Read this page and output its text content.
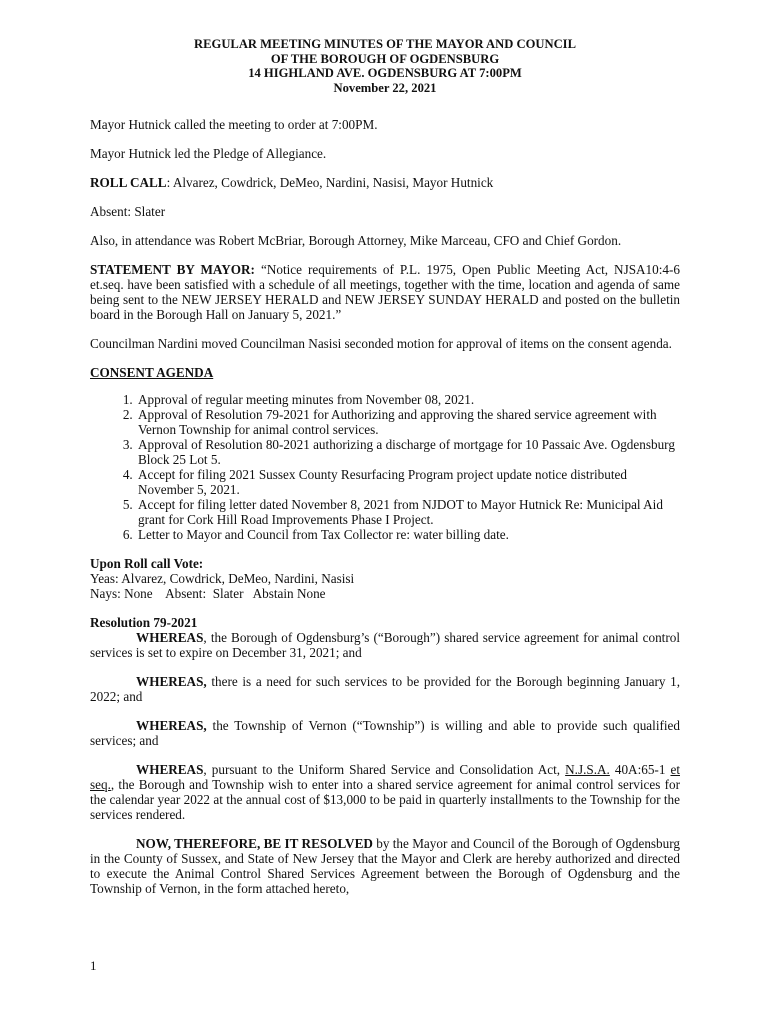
REGULAR MEETING MINUTES OF THE MAYOR AND COUNCIL
OF THE BOROUGH OF OGDENSBURG
14 HIGHLAND AVE. OGDENSBURG AT 7:00PM
November 22, 2021

Mayor Hutnick called the meeting to order at 7:00PM.

Mayor Hutnick led the Pledge of Allegiance.

ROLL CALL: Alvarez, Cowdrick, DeMeo, Nardini, Nasisi, Mayor Hutnick

Absent: Slater

Also, in attendance was Robert McBriar, Borough Attorney, Mike Marceau, CFO and Chief Gordon.

STATEMENT BY MAYOR: “Notice requirements of P.L. 1975, Open Public Meeting Act, NJSA10:4-6 et.seq. have been satisfied with a schedule of all meetings, together with the time, location and agenda of same being sent to the NEW JERSEY HERALD and NEW JERSEY SUNDAY HERALD and posted on the bulletin board in the Borough Hall on January 5, 2021.”

Councilman Nardini moved Councilman Nasisi seconded motion for approval of items on the consent agenda.

CONSENT AGENDA

1. Approval of regular meeting minutes from November 08, 2021.
2. Approval of Resolution 79-2021 for Authorizing and approving the shared service agreement with Vernon Township for animal control services.
3. Approval of Resolution 80-2021 authorizing a discharge of mortgage for 10 Passaic Ave. Ogdensburg Block 25 Lot 5.
4. Accept for filing 2021 Sussex County Resurfacing Program project update notice distributed November 5, 2021.
5. Accept for filing letter dated November 8, 2021 from NJDOT to Mayor Hutnick Re: Municipal Aid grant for Cork Hill Road Improvements Phase I Project.
6. Letter to Mayor and Council from Tax Collector re: water billing date.
Upon Roll call Vote:
Yeas: Alvarez, Cowdrick, DeMeo, Nardini, Nasisi
Nays: None    Absent:  Slater   Abstain None

Resolution 79-2021

WHEREAS, the Borough of Ogdensburg’s (“Borough”) shared service agreement for animal control services is set to expire on December 31, 2021; and

WHEREAS, there is a need for such services to be provided for the Borough beginning January 1, 2022; and

WHEREAS, the Township of Vernon (“Township”) is willing and able to provide such qualified services; and

WHEREAS, pursuant to the Uniform Shared Service and Consolidation Act, N.J.S.A. 40A:65-1 et seq., the Borough and Township wish to enter into a shared service agreement for animal control services for the calendar year 2022 at the annual cost of $13,000 to be paid in quarterly installments to the Township for the services rendered.

NOW, THEREFORE, BE IT RESOLVED by the Mayor and Council of the Borough of Ogdensburg in the County of Sussex, and State of New Jersey that the Mayor and Clerk are hereby authorized and directed to execute the Animal Control Shared Services Agreement between the Borough of Ogdensburg and the Township of Vernon, in the form attached hereto,

1
